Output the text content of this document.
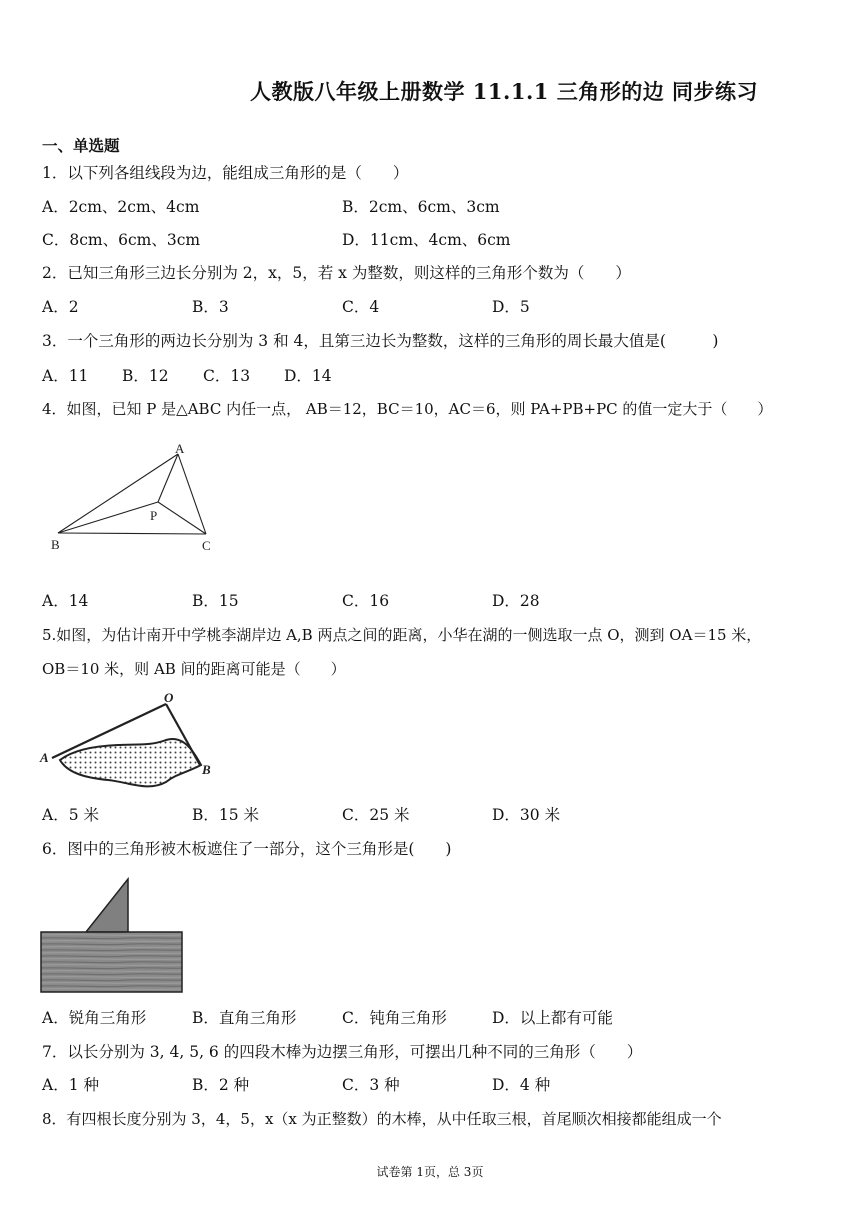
人教版八年级上册数学 11.1.1 三角形的边 同步练习
一、单选题
1．以下列各组线段为边，能组成三角形的是（　　）
A．2cm、2cm、4cm	B．2cm、6cm、3cm
C．8cm、6cm、3cm	D．11cm、4cm、6cm
2．已知三角形三边长分别为 2，x，5，若 x 为整数，则这样的三角形个数为（　　）
A．2	B．3	C．4	D．5
3．一个三角形的两边长分别为 3 和 4，且第三边长为整数，这样的三角形的周长最大值是(　　　)
A．11 B．12 C．13 D．14
4．如图，已知 P 是△ABC 内任一点， AB＝12，BC＝10，AC＝6，则 PA+PB+PC 的值一定大于（　　）
A
B	C
P
A．14	B．15	C．16	D．28
5.如图，为估计南开中学桃李湖岸边 A,B 两点之间的距离，小华在湖的一侧选取一点 O，测到 OA＝15 米，
OB＝10 米，则 AB 间的距离可能是（　　）
O
A
B
A．5 米	B．15 米	C．25 米	D．30 米
6．图中的三角形被木板遮住了一部分，这个三角形是(　　)
A．锐角三角形	B．直角三角形	C．钝角三角形	D．以上都有可能
7．以长分别为 3, 4, 5, 6 的四段木棒为边摆三角形，可摆出几种不同的三角形（　　）
A．1 种	B．2 种	C．3 种	D．4 种
8．有四根长度分别为 3，4，5，x（x 为正整数）的木棒，从中任取三根，首尾顺次相接都能组成一个
试卷第 1页，总 3页
